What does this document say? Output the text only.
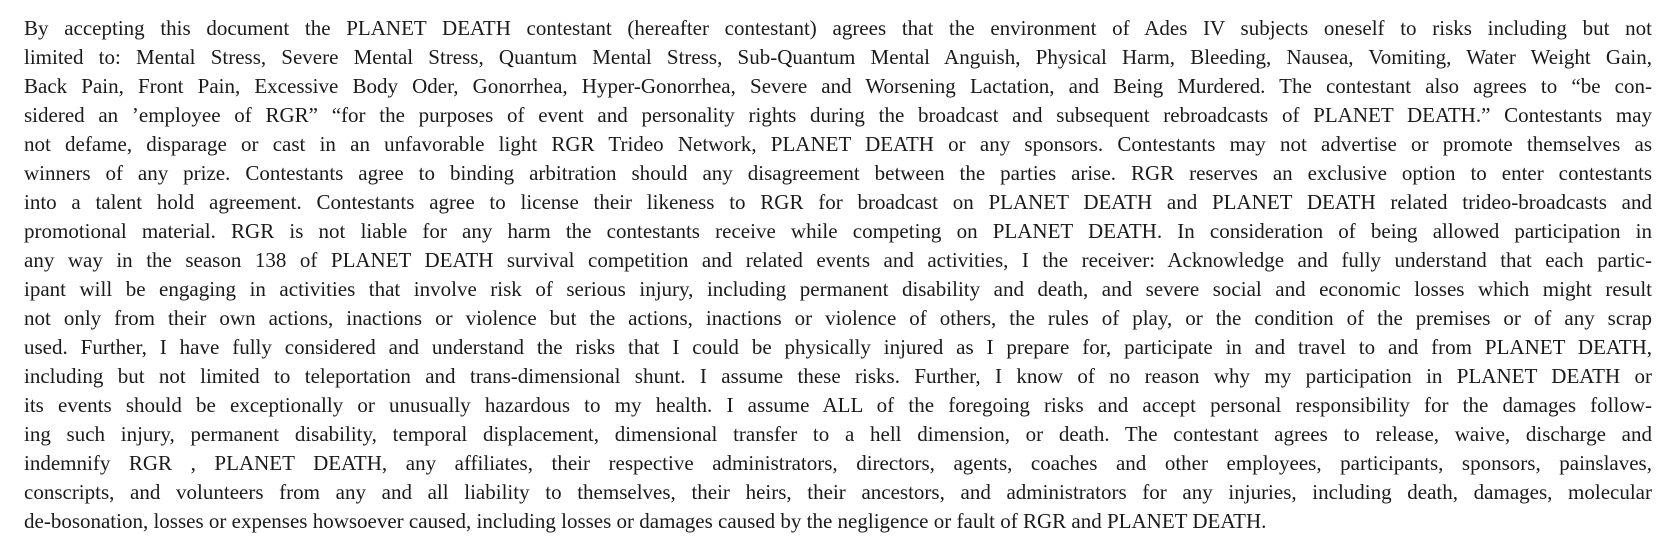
By accepting this document the PLANET DEATH contestant (hereafter contestant) agrees that the environment of Ades IV subjects oneself to risks including but not
limited to: Mental Stress, Severe Mental Stress, Quantum Mental Stress, Sub-Quantum Mental Anguish, Physical Harm, Bleeding, Nausea, Vomiting, Water Weight Gain,
Back Pain, Front Pain, Excessive Body Oder, Gonorrhea, Hyper-Gonorrhea, Severe and Worsening Lactation, and Being Murdered. The contestant also agrees to “be con-
sidered an ’employee of RGR” “for the purposes of event and personality rights during the broadcast and subsequent rebroadcasts of PLANET DEATH.” Contestants may
not defame, disparage or cast in an unfavorable light RGR Trideo Network, PLANET DEATH or any sponsors. Contestants may not advertise or promote themselves as
winners of any prize. Contestants agree to binding arbitration should any disagreement between the parties arise. RGR reserves an exclusive option to enter contestants
into a talent hold agreement. Contestants agree to license their likeness to RGR for broadcast on PLANET DEATH and PLANET DEATH related trideo-broadcasts and
promotional material. RGR is not liable for any harm the contestants receive while competing on PLANET DEATH. In consideration of being allowed participation in
any way in the season 138 of PLANET DEATH survival competition and related events and activities, I the receiver: Acknowledge and fully understand that each partic-
ipant will be engaging in activities that involve risk of serious injury, including permanent disability and death, and severe social and economic losses which might result
not only from their own actions, inactions or violence but the actions, inactions or violence of others, the rules of play, or the condition of the premises or of any scrap
used. Further, I have fully considered and understand the risks that I could be physically injured as I prepare for, participate in and travel to and from PLANET DEATH,
including but not limited to teleportation and trans-dimensional shunt. I assume these risks. Further, I know of no reason why my participation in PLANET DEATH or
its events should be exceptionally or unusually hazardous to my health. I assume ALL of the foregoing risks and accept personal responsibility for the damages follow-
ing such injury, permanent disability, temporal displacement, dimensional transfer to a hell dimension, or death. The contestant agrees to release, waive, discharge and
indemnify RGR , PLANET DEATH, any affiliates, their respective administrators, directors, agents, coaches and other employees, participants, sponsors, painslaves,
conscripts, and volunteers from any and all liability to themselves, their heirs, their ancestors, and administrators for any injuries, including death, damages, molecular
de-bosonation, losses or expenses howsoever caused, including losses or damages caused by the negligence or fault of RGR and PLANET DEATH.
